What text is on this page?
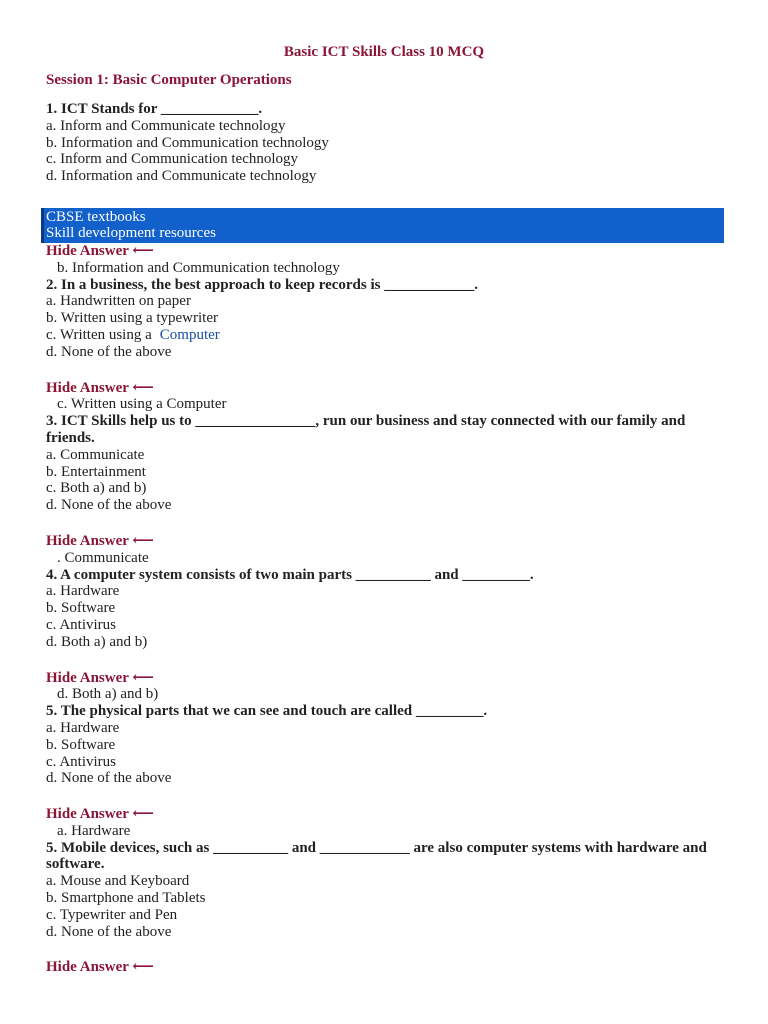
Basic ICT Skills Class 10 MCQ
Session 1: Basic Computer Operations
1. ICT Stands for _____________.
a. Inform and Communicate technology
b. Information and Communication technology
c. Inform and Communication technology
d. Information and Communicate technology
CBSE textbooks
Skill development resources
Hide Answer ⟵
b. Information and Communication technology
2. In a business, the best approach to keep records is ____________.
a. Handwritten on paper
b. Written using a typewriter
c. Written using a Computer
d. None of the above
Hide Answer ⟵
c. Written using a Computer
3. ICT Skills help us to ________________, run our business and stay connected with our family and friends.
a. Communicate
b. Entertainment
c. Both a) and b)
d. None of the above
Hide Answer ⟵
. Communicate
4. A computer system consists of two main parts __________ and _________.
a. Hardware
b. Software
c. Antivirus
d. Both a) and b)
Hide Answer ⟵
d. Both a) and b)
5. The physical parts that we can see and touch are called _________.
a. Hardware
b. Software
c. Antivirus
d. None of the above
Hide Answer ⟵
a. Hardware
5. Mobile devices, such as __________ and ____________ are also computer systems with hardware and software.
a. Mouse and Keyboard
b. Smartphone and Tablets
c. Typewriter and Pen
d. None of the above
Hide Answer ⟵
